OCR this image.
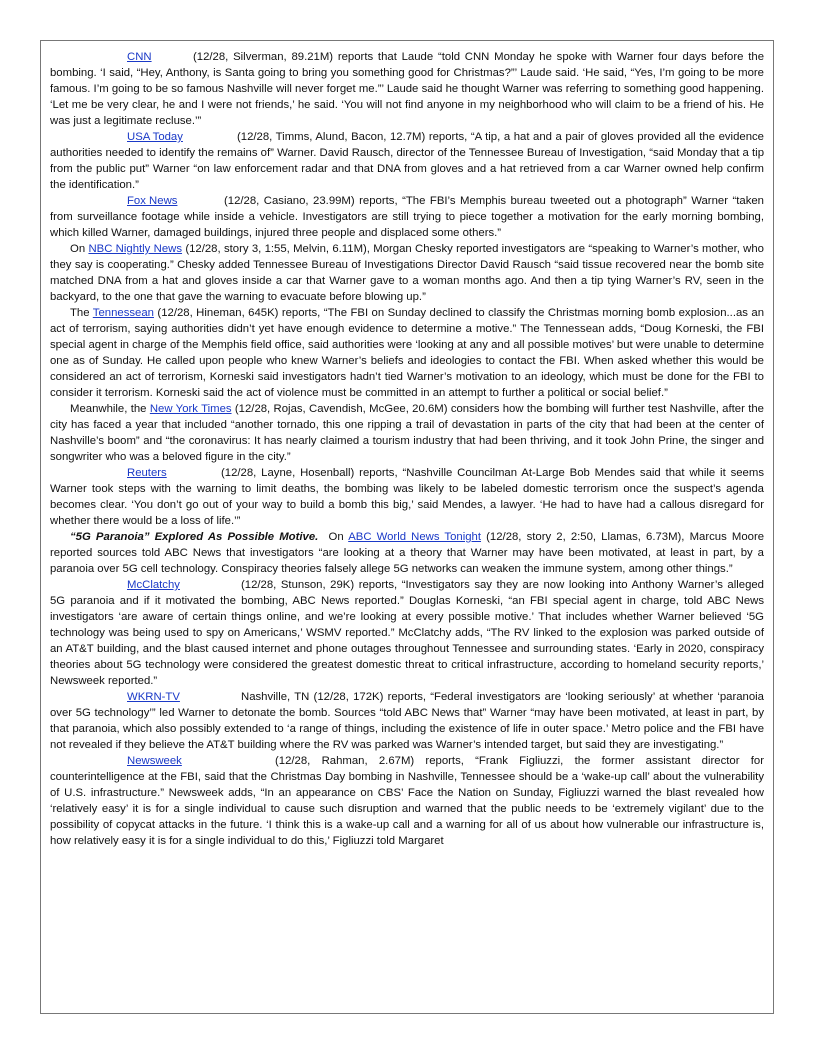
CNN	(12/28, Silverman, 89.21M) reports that Laude “told CNN Monday he spoke with Warner four days before the bombing. ‘I said, “Hey, Anthony, is Santa going to bring you something good for Christmas?”’ Laude said. ‘He said, “Yes, I’m going to be more famous. I’m going to be so famous Nashville will never forget me.”’ Laude said he thought Warner was referring to something good happening. ‘Let me be very clear, he and I were not friends,’ he said. ‘You will not find anyone in my neighborhood who will claim to be a friend of his. He was just a legitimate recluse.’”

USA Today	(12/28, Timms, Alund, Bacon, 12.7M) reports, “A tip, a hat and a pair of gloves provided all the evidence authorities needed to identify the remains of” Warner. David Rausch, director of the Tennessee Bureau of Investigation, “said Monday that a tip from the public put” Warner “on law enforcement radar and that DNA from gloves and a hat retrieved from a car Warner owned help confirm the identification.”

Fox News	(12/28, Casiano, 23.99M) reports, “The FBI’s Memphis bureau tweeted out a photograph” Warner “taken from surveillance footage while inside a vehicle. Investigators are still trying to piece together a motivation for the early morning bombing, which killed Warner, damaged buildings, injured three people and displaced some others.”

On NBC Nightly News (12/28, story 3, 1:55, Melvin, 6.11M), Morgan Chesky reported investigators are “speaking to Warner’s mother, who they say is cooperating.” Chesky added Tennessee Bureau of Investigations Director David Rausch “said tissue recovered near the bomb site matched DNA from a hat and gloves inside a car that Warner gave to a woman months ago. And then a tip tying Warner’s RV, seen in the backyard, to the one that gave the warning to evacuate before blowing up.”

The Tennessean (12/28, Hineman, 645K) reports, “The FBI on Sunday declined to classify the Christmas morning bomb explosion...as an act of terrorism, saying authorities didn’t yet have enough evidence to determine a motive.” The Tennessean adds, “Doug Korneski, the FBI special agent in charge of the Memphis field office, said authorities were ‘looking at any and all possible motives’ but were unable to determine one as of Sunday. He called upon people who knew Warner’s beliefs and ideologies to contact the FBI. When asked whether this would be considered an act of terrorism, Korneski said investigators hadn’t tied Warner’s motivation to an ideology, which must be done for the FBI to consider it terrorism. Korneski said the act of violence must be committed in an attempt to further a political or social belief.”

Meanwhile, the New York Times (12/28, Rojas, Cavendish, McGee, 20.6M) considers how the bombing will further test Nashville, after the city has faced a year that included “another tornado, this one ripping a trail of devastation in parts of the city that had been at the center of Nashville’s boom” and “the coronavirus: It has nearly claimed a tourism industry that had been thriving, and it took John Prine, the singer and songwriter who was a beloved figure in the city.”

Reuters	(12/28, Layne, Hosenball) reports, “Nashville Councilman At-Large Bob Mendes said that while it seems Warner took steps with the warning to limit deaths, the bombing was likely to be labeled domestic terrorism once the suspect’s agenda becomes clear. ‘You don’t go out of your way to build a bomb this big,’ said Mendes, a lawyer. ‘He had to have had a callous disregard for whether there would be a loss of life.’”

“5G Paranoia” Explored As Possible Motive. On ABC World News Tonight (12/28, story 2, 2:50, Llamas, 6.73M), Marcus Moore reported sources told ABC News that investigators “are looking at a theory that Warner may have been motivated, at least in part, by a paranoia over 5G cell technology. Conspiracy theories falsely allege 5G networks can weaken the immune system, among other things.”

McClatchy	(12/28, Stunson, 29K) reports, “Investigators say they are now looking into Anthony Warner’s alleged 5G paranoia and if it motivated the bombing, ABC News reported.” Douglas Korneski, “an FBI special agent in charge, told ABC News investigators ‘are aware of certain things online, and we’re looking at every possible motive.’ That includes whether Warner believed ‘5G technology was being used to spy on Americans,’ WSMV reported.” McClatchy adds, “The RV linked to the explosion was parked outside of an AT&T building, and the blast caused internet and phone outages throughout Tennessee and surrounding states. ‘Early in 2020, conspiracy theories about 5G technology were considered the greatest domestic threat to critical infrastructure, according to homeland security reports,’ Newsweek reported.”

WKRN-TV	Nashville, TN (12/28, 172K) reports, “Federal investigators are ‘looking seriously’ at whether ‘paranoia over 5G technology’” led Warner to detonate the bomb. Sources “told ABC News that” Warner “may have been motivated, at least in part, by that paranoia, which also possibly extended to ‘a range of things, including the existence of life in outer space.’ Metro police and the FBI have not revealed if they believe the AT&T building where the RV was parked was Warner’s intended target, but said they are investigating.”

Newsweek	(12/28, Rahman, 2.67M) reports, “Frank Figliuzzi, the former assistant director for counterintelligence at the FBI, said that the Christmas Day bombing in Nashville, Tennessee should be a ‘wake-up call’ about the vulnerability of U.S. infrastructure.” Newsweek adds, “In an appearance on CBS’ Face the Nation on Sunday, Figliuzzi warned the blast revealed how ‘relatively easy’ it is for a single individual to cause such disruption and warned that the public needs to be ‘extremely vigilant’ due to the possibility of copycat attacks in the future. ‘I think this is a wake-up call and a warning for all of us about how vulnerable our infrastructure is, how relatively easy it is for a single individual to do this,’ Figliuzzi told Margaret
